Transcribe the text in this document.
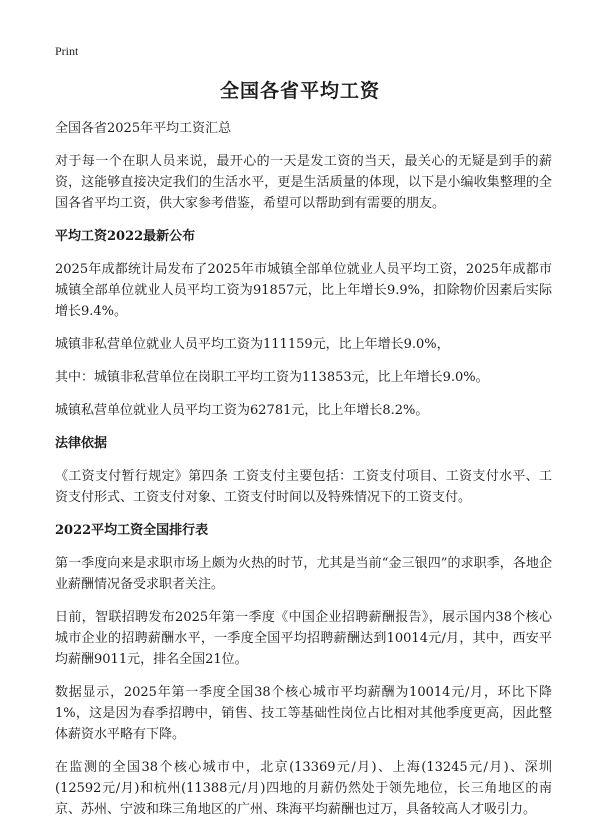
Print
全国各省平均工资

全国各省2025年平均工资汇总

对于每一个在职人员来说，最开心的一天是发工资的当天，最关心的无疑是到手的薪资，这能够直接决定我们的生活水平，更是生活质量的体现，以下是小编收集整理的全国各省平均工资，供大家参考借鉴，希望可以帮助到有需要的朋友。

平均工资2022最新公布

2025年成都统计局发布了2025年市城镇全部单位就业人员平均工资，2025年成都市城镇全部单位就业人员平均工资为91857元，比上年增长9.9%，扣除物价因素后实际增长9.4%。

城镇非私营单位就业人员平均工资为111159元，比上年增长9.0%，

其中：城镇非私营单位在岗职工平均工资为113853元，比上年增长9.0%。

城镇私营单位就业人员平均工资为62781元，比上年增长8.2%。

法律依据

《工资支付暂行规定》第四条 工资支付主要包括：工资支付项目、工资支付水平、工资支付形式、工资支付对象、工资支付时间以及特殊情况下的工资支付。

2022平均工资全国排行表

第一季度向来是求职市场上颇为火热的时节，尤其是当前“金三银四”的求职季，各地企业薪酬情况备受求职者关注。

日前，智联招聘发布2025年第一季度《中国企业招聘薪酬报告》，展示国内38个核心城市企业的招聘薪酬水平，一季度全国平均招聘薪酬达到10014元/月，其中，西安平均薪酬9011元，排名全国21位。

数据显示，2025年第一季度全国38个核心城市平均薪酬为10014元/月，环比下降1%，这是因为春季招聘中，销售、技工等基础性岗位占比相对其他季度更高，因此整体薪资水平略有下降。

在监测的全国38个核心城市中，北京(13369元/月)、上海(13245元/月)、深圳(12592元/月)和杭州(11388元/月)四地的月薪仍然处于领先地位，长三角地区的南京、苏州、宁波和珠三角地区的广州、珠海平均薪酬也过万，具备较高人才吸引力。
